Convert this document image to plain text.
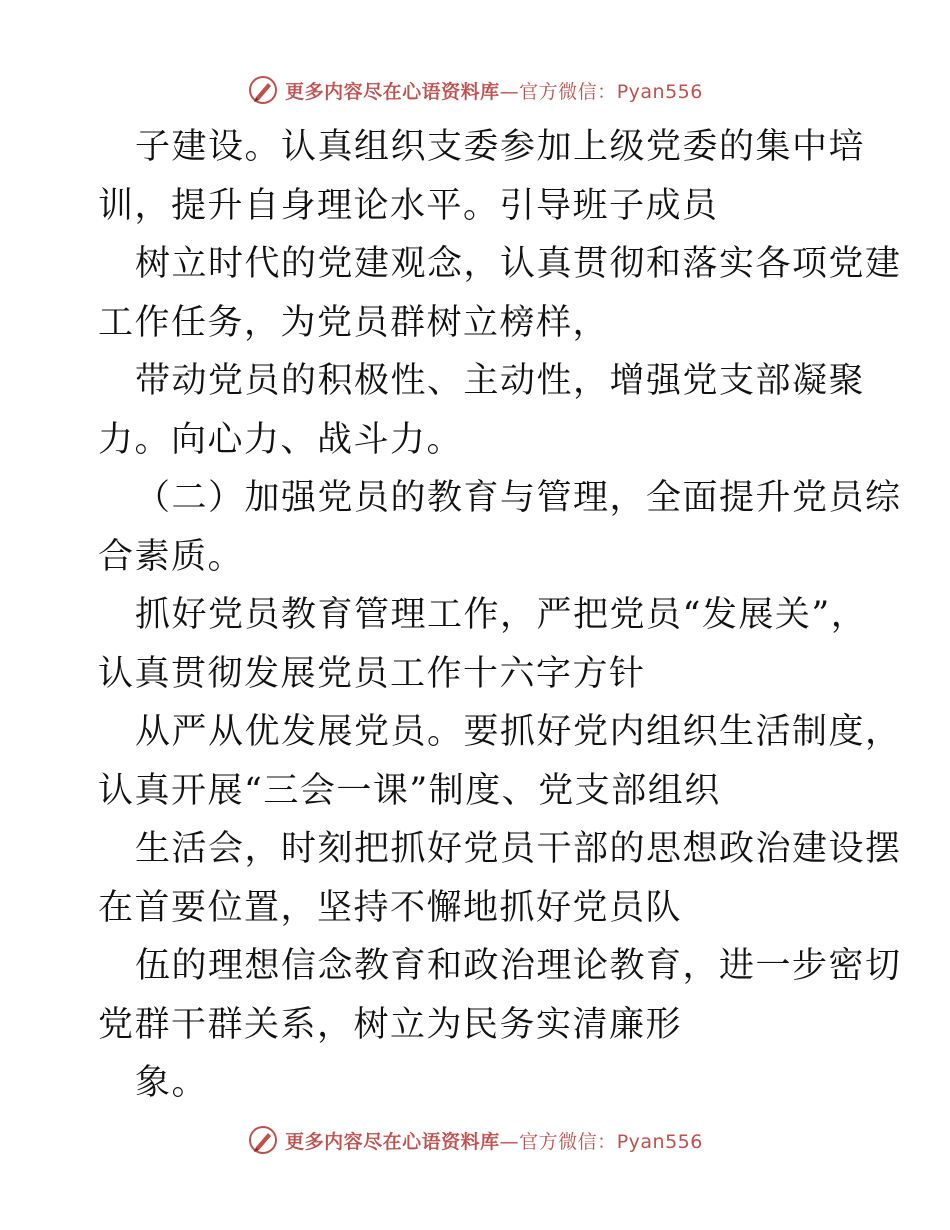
更多内容尽在心语资料库—官方微信：Pyan556
子建设。认真组织支委参加上级党委的集中培
训，提升自身理论水平。引导班子成员
树立时代的党建观念，认真贯彻和落实各项党建
工作任务，为党员群树立榜样，
带动党员的积极性、主动性，增强党支部凝聚
力。向心力、战斗力。
（二）加强党员的教育与管理，全面提升党员综
合素质。
抓好党员教育管理工作，严把党员“发展关”，
认真贯彻发展党员工作十六字方针
从严从优发展党员。要抓好党内组织生活制度，
认真开展“三会一课”制度、党支部组织
生活会，时刻把抓好党员干部的思想政治建设摆
在首要位置，坚持不懈地抓好党员队
伍的理想信念教育和政治理论教育，进一步密切
党群干群关系，树立为民务实清廉形
象。
更多内容尽在心语资料库—官方微信：Pyan556
